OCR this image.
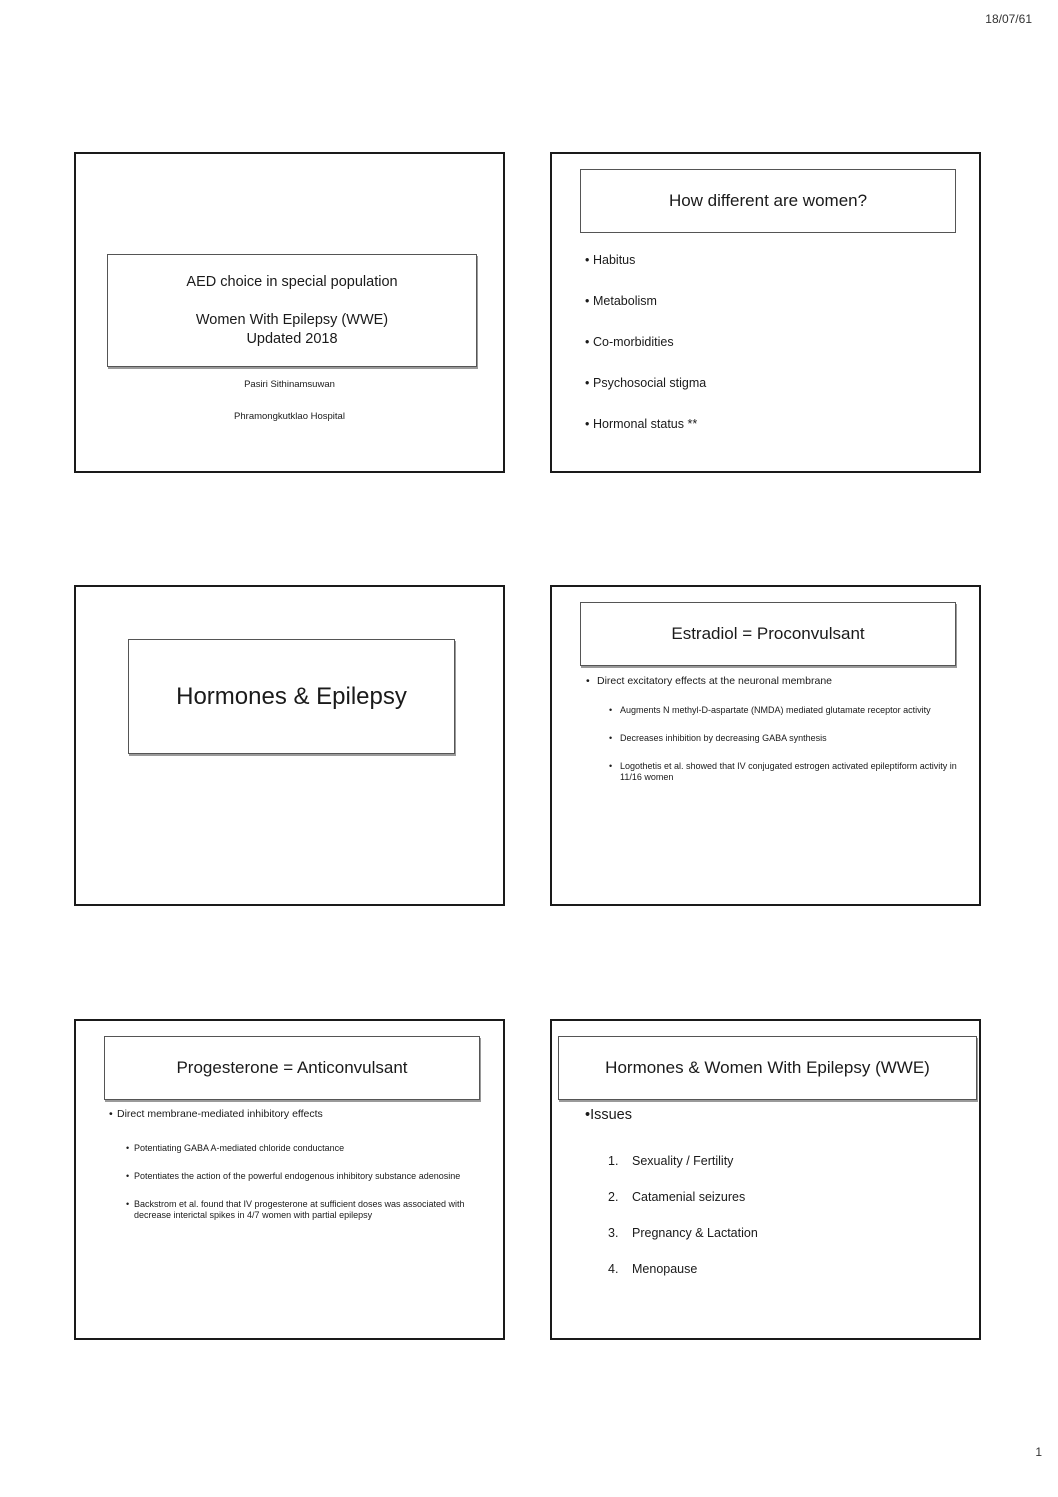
18/07/61
AED choice in special population
Women With Epilepsy (WWE)
Updated 2018
Pasiri Sithinamsuwan
Phramongkutklao Hospital
How different are women?
• Habitus
• Metabolism
• Co-morbidities
• Psychosocial stigma
• Hormonal status **
Hormones & Epilepsy
Estradiol = Proconvulsant
• Direct excitatory effects at the neuronal membrane
• Augments N methyl-D-aspartate (NMDA) mediated glutamate receptor activity
• Decreases inhibition by decreasing GABA synthesis
• Logothetis et al. showed that IV conjugated estrogen activated epileptiform activity in 11/16 women
Progesterone = Anticonvulsant
• Direct membrane-mediated inhibitory effects
• Potentiating GABA A-mediated chloride conductance
• Potentiates the action of the powerful endogenous inhibitory substance adenosine
• Backstrom et al. found that IV progesterone at sufficient doses was associated with decrease interictal spikes in 4/7 women with partial epilepsy
Hormones & Women With Epilepsy (WWE)
• Issues
1.	Sexuality / Fertility
2.	Catamenial seizures
3.	Pregnancy & Lactation
4.	Menopause
1
